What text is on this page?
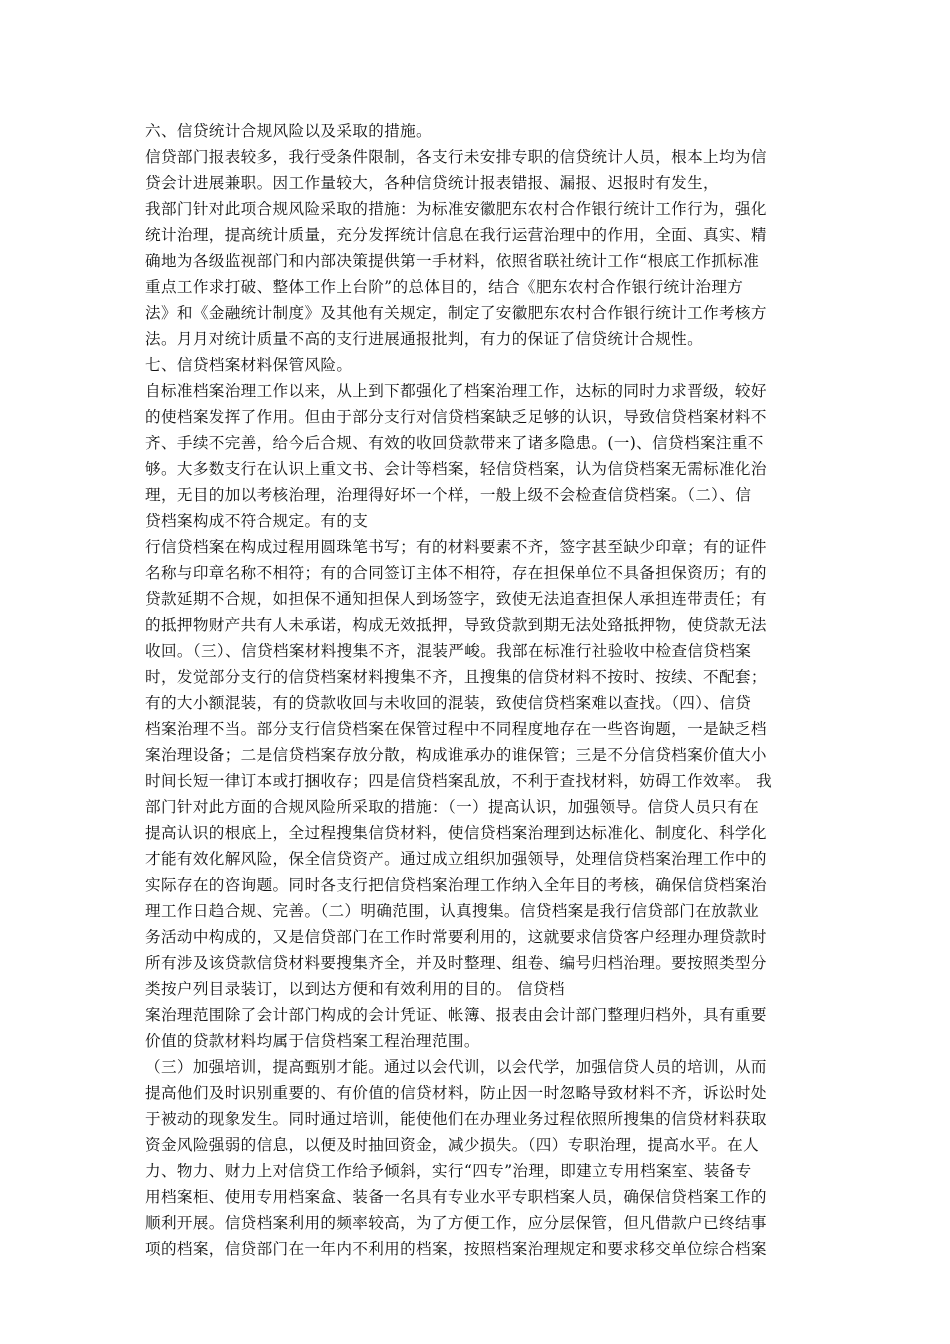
六、信贷统计合规风险以及采取的措施。
信贷部门报表较多，我行受条件限制，各支行未安排专职的信贷统计人员，根本上均为信
贷会计进展兼职。因工作量较大，各种信贷统计报表错报、漏报、迟报时有发生，
我部门针对此项合规风险采取的措施：为标准安徽肥东农村合作银行统计工作行为，强化
统计治理，提高统计质量，充分发挥统计信息在我行运营治理中的作用，全面、真实、精
确地为各级监视部门和内部决策提供第一手材料，依照省联社统计工作“根底工作抓标准
重点工作求打破、整体工作上台阶”的总体目的，结合《肥东农村合作银行统计治理方
法》和《金融统计制度》及其他有关规定，制定了安徽肥东农村合作银行统计工作考核方
法。月月对统计质量不高的支行进展通报批判，有力的保证了信贷统计合规性。
七、信贷档案材料保管风险。
自标准档案治理工作以来，从上到下都强化了档案治理工作，达标的同时力求晋级，较好
的使档案发挥了作用。但由于部分支行对信贷档案缺乏足够的认识，导致信贷档案材料不
齐、手续不完善，给今后合规、有效的收回贷款带来了诸多隐患。(一)、信贷档案注重不
够。大多数支行在认识上重文书、会计等档案，轻信贷档案，认为信贷档案无需标准化治
理，无目的加以考核治理，治理得好坏一个样，一般上级不会检查信贷档案。（二）、信
贷档案构成不符合规定。有的支
行信贷档案在构成过程用圆珠笔书写；有的材料要素不齐，签字甚至缺少印章；有的证件
名称与印章名称不相符；有的合同签订主体不相符，存在担保单位不具备担保资历；有的
贷款延期不合规，如担保不通知担保人到场签字，致使无法追查担保人承担连带责任；有
的抵押物财产共有人未承诺，构成无效抵押，导致贷款到期无法处臵抵押物，使贷款无法
收回。（三）、信贷档案材料搜集不齐，混装严峻。我部在标准行社验收中检查信贷档案
时，发觉部分支行的信贷档案材料搜集不齐，且搜集的信贷材料不按时、按续、不配套；
有的大小额混装，有的贷款收回与未收回的混装，致使信贷档案难以查找。（四）、信贷
档案治理不当。部分支行信贷档案在保管过程中不同程度地存在一些咨询题，一是缺乏档
案治理设备；二是信贷档案存放分散，构成谁承办的谁保管；三是不分信贷档案价值大小
时间长短一律订本或打捆收存；四是信贷档案乱放，不利于查找材料，妨碍工作效率。 我
部门针对此方面的合规风险所采取的措施：（一）提高认识，加强领导。信贷人员只有在
提高认识的根底上，全过程搜集信贷材料，使信贷档案治理到达标准化、制度化、科学化
才能有效化解风险，保全信贷资产。通过成立组织加强领导，处理信贷档案治理工作中的
实际存在的咨询题。同时各支行把信贷档案治理工作纳入全年目的考核，确保信贷档案治
理工作日趋合规、完善。（二）明确范围，认真搜集。信贷档案是我行信贷部门在放款业
务活动中构成的，又是信贷部门在工作时常要利用的，这就要求信贷客户经理办理贷款时
所有涉及该贷款信贷材料要搜集齐全，并及时整理、组卷、编号归档治理。要按照类型分
类按户列目录装订，以到达方便和有效利用的目的。 信贷档
案治理范围除了会计部门构成的会计凭证、帐簿、报表由会计部门整理归档外，具有重要
价值的贷款材料均属于信贷档案工程治理范围。
（三）加强培训，提高甄别才能。通过以会代训，以会代学，加强信贷人员的培训，从而
提高他们及时识别重要的、有价值的信贷材料，防止因一时忽略导致材料不齐，诉讼时处
于被动的现象发生。同时通过培训，能使他们在办理业务过程依照所搜集的信贷材料获取
资金风险强弱的信息，以便及时抽回资金，减少损失。（四）专职治理，提高水平。在人
力、物力、财力上对信贷工作给予倾斜，实行“四专”治理，即建立专用档案室、装备专
用档案柜、使用专用档案盒、装备一名具有专业水平专职档案人员，确保信贷档案工作的
顺利开展。信贷档案利用的频率较高，为了方便工作，应分层保管，但凡借款户已终结事
项的档案，信贷部门在一年内不利用的档案，按照档案治理规定和要求移交单位综合档案
